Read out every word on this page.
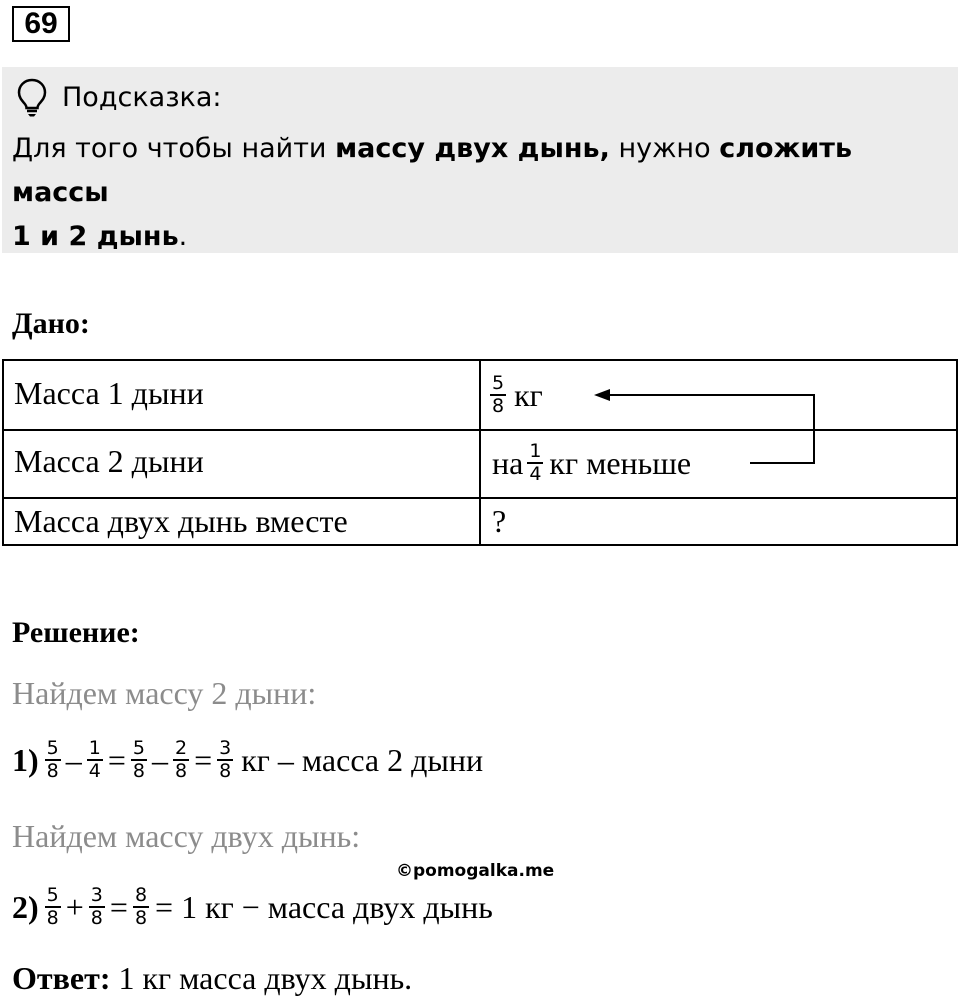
69
Подсказка:
Для того чтобы найти массу двух дынь, нужно сложить массы
1 и 2 дынь.
Дано:
Масса 1 дыни	$\frac{5}{8}$ кг
Масса 2 дыни	на $\frac{1}{4}$ кг меньше
Масса двух дынь вместе	?
Решение:
Найдем массу 2 дыни:
$1) \frac{5}{8} - \frac{1}{4} = \frac{5}{8} - \frac{2}{8} = \frac{3}{8}$ кг – масса 2 дыни
Найдем массу двух дынь:
©pomogalka.me
$2) \frac{5}{8} + \frac{3}{8} = \frac{8}{8} = 1$ кг − масса двух дынь
Ответ: 1 кг масса двух дынь.
